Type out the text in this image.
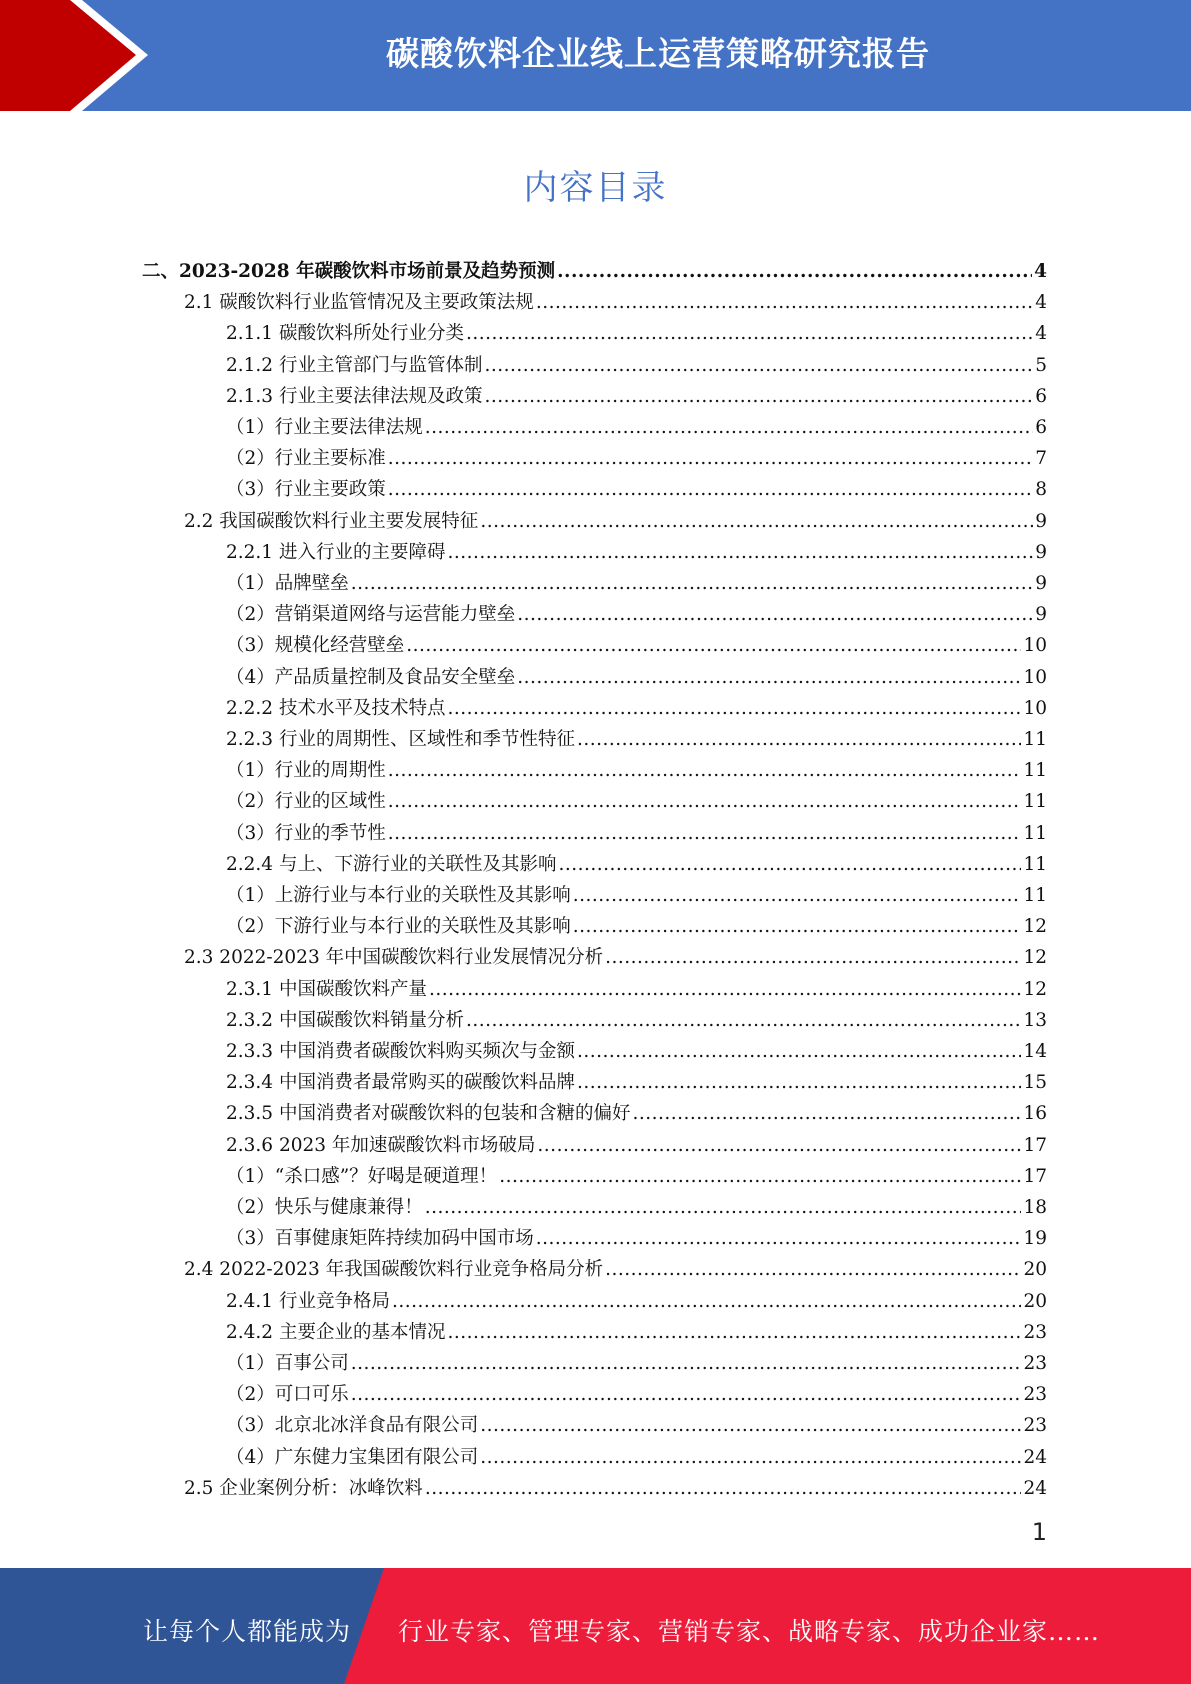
碳酸饮料企业线上运营策略研究报告
内容目录
二、2023-2028 年碳酸饮料市场前景及趋势预测 .....	4
2.1 碳酸饮料行业监管情况及主要政策法规 .....	4
2.1.1 碳酸饮料所处行业分类 .....	4
2.1.2 行业主管部门与监管体制 .....	5
2.1.3 行业主要法律法规及政策 .....	6
（1）行业主要法律法规 .....	6
（2）行业主要标准 .....	7
（3）行业主要政策 .....	8
2.2 我国碳酸饮料行业主要发展特征 .....	9
2.2.1 进入行业的主要障碍 .....	9
（1）品牌壁垒 .....	9
（2）营销渠道网络与运营能力壁垒 .....	9
（3）规模化经营壁垒 .....	10
（4）产品质量控制及食品安全壁垒 .....	10
2.2.2 技术水平及技术特点 .....	10
2.2.3 行业的周期性、区域性和季节性特征 .....	11
（1）行业的周期性 .....	11
（2）行业的区域性 .....	11
（3）行业的季节性 .....	11
2.2.4 与上、下游行业的关联性及其影响 .....	11
（1）上游行业与本行业的关联性及其影响 .....	11
（2）下游行业与本行业的关联性及其影响 .....	12
2.3 2022-2023 年中国碳酸饮料行业发展情况分析 .....	12
2.3.1 中国碳酸饮料产量 .....	12
2.3.2 中国碳酸饮料销量分析 .....	13
2.3.3 中国消费者碳酸饮料购买频次与金额 .....	14
2.3.4 中国消费者最常购买的碳酸饮料品牌 .....	15
2.3.5 中国消费者对碳酸饮料的包装和含糖的偏好 .....	16
2.3.6 2023 年加速碳酸饮料市场破局 .....	17
（1）“杀口感”？好喝是硬道理！ .....	17
（2）快乐与健康兼得！ .....	18
（3）百事健康矩阵持续加码中国市场 .....	19
2.4 2022-2023 年我国碳酸饮料行业竞争格局分析 .....	20
2.4.1 行业竞争格局 .....	20
2.4.2 主要企业的基本情况 .....	23
（1）百事公司 .....	23
（2）可口可乐 .....	23
（3）北京北冰洋食品有限公司 .....	23
（4）广东健力宝集团有限公司 .....	24
2.5 企业案例分析：冰峰饮料 .....	24
1
让每个人都能成为 行业专家、管理专家、营销专家、战略专家、成功企业家……
